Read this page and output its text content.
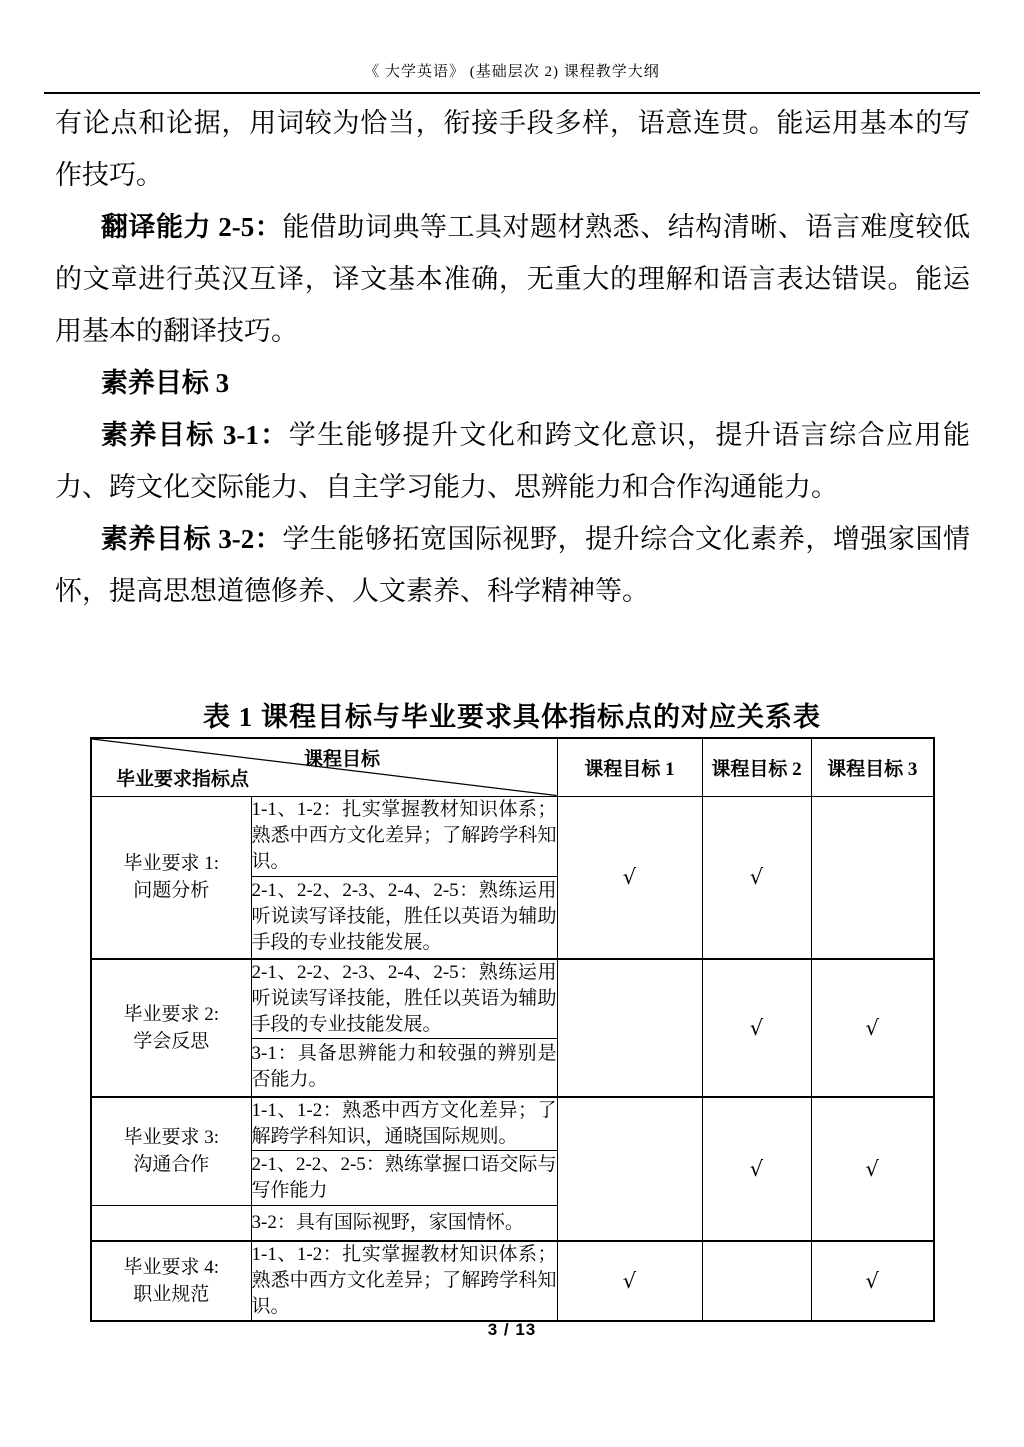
《 大学英语》 (基础层次 2) 课程教学大纲

有论点和论据，用词较为恰当，衔接手段多样，语意连贯。能运用基本的写作技巧。

翻译能力 2-5：能借助词典等工具对题材熟悉、结构清晰、语言难度较低的文章进行英汉互译，译文基本准确，无重大的理解和语言表达错误。能运用基本的翻译技巧。

素养目标 3

素养目标 3-1：学生能够提升文化和跨文化意识，提升语言综合应用能力、跨文化交际能力、自主学习能力、思辨能力和合作沟通能力。

素养目标 3-2：学生能够拓宽国际视野，提升综合文化素养，增强家国情怀，提高思想道德修养、人文素养、科学精神等。

表 1 课程目标与毕业要求具体指标点的对应关系表
课程目标
毕业要求指标点		课程目标 1	课程目标 2	课程目标 3

毕业要求 1:
问题分析	1-1、1-2：扎实掌握教材知识体系；熟悉中西方文化差异；了解跨学科知识。	√	√	
	2-1、2-2、2-3、2-4、2-5：熟练运用听说读写译技能，胜任以英语为辅助手段的专业技能发展。			

毕业要求 2:
学会反思	2-1、2-2、2-3、2-4、2-5：熟练运用听说读写译技能，胜任以英语为辅助手段的专业技能发展。		√	√
	3-1：具备思辨能力和较强的辨别是否能力。			

毕业要求 3:
沟通合作	1-1、1-2：熟悉中西方文化差异；了解跨学科知识，通晓国际规则。		√	√
	2-1、2-2、2-5：熟练掌握口语交际与写作能力			
	3-2：具有国际视野，家国情怀。			

毕业要求 4:
职业规范	1-1、1-2：扎实掌握教材知识体系；熟悉中西方文化差异；了解跨学科知识。	√		√
3 / 13
